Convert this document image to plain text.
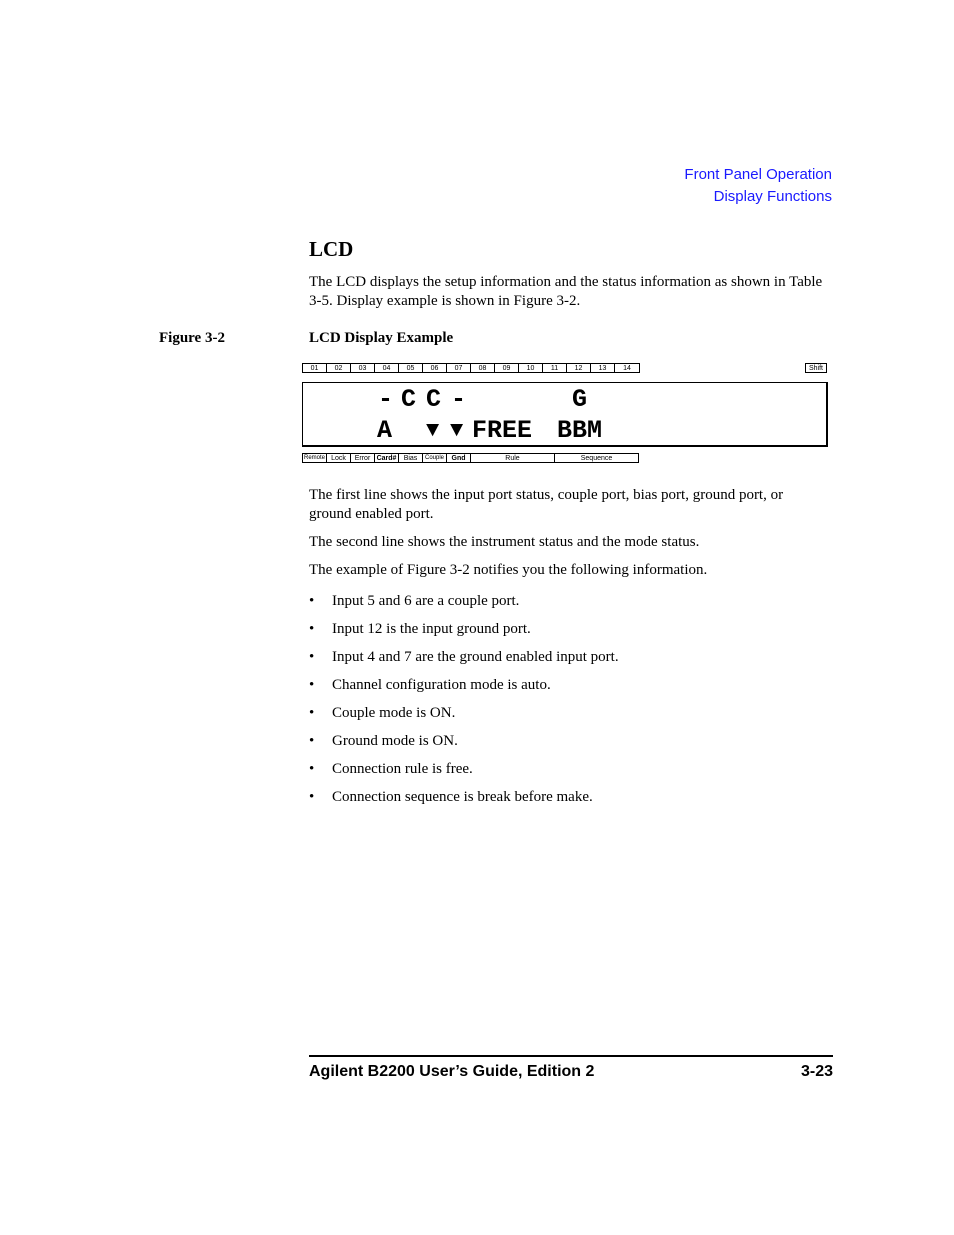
Front Panel Operation
Display Functions
LCD
The LCD displays the setup information and the status information as shown in Table 3-5. Display example is shown in Figure 3-2.
Figure 3-2	LCD Display Example
01	02	03	04	05	06	07	08	09	10	11	12	13	14	Shift
- C C -	G
A ▼ ▼ FREE BBM
Remote Lock	Error Card#	Bias	Couple	Gnd	Rule	Sequence
The first line shows the input port status, couple port, bias port, ground port, or ground enabled port.
The second line shows the instrument status and the mode status.
The example of Figure 3-2 notifies you the following information.
• Input 5 and 6 are a couple port.
• Input 12 is the input ground port.
• Input 4 and 7 are the ground enabled input port.
• Channel configuration mode is auto.
• Couple mode is ON.
• Ground mode is ON.
• Connection rule is free.
• Connection sequence is break before make.
Agilent B2200 User’s Guide, Edition 2	3-23
